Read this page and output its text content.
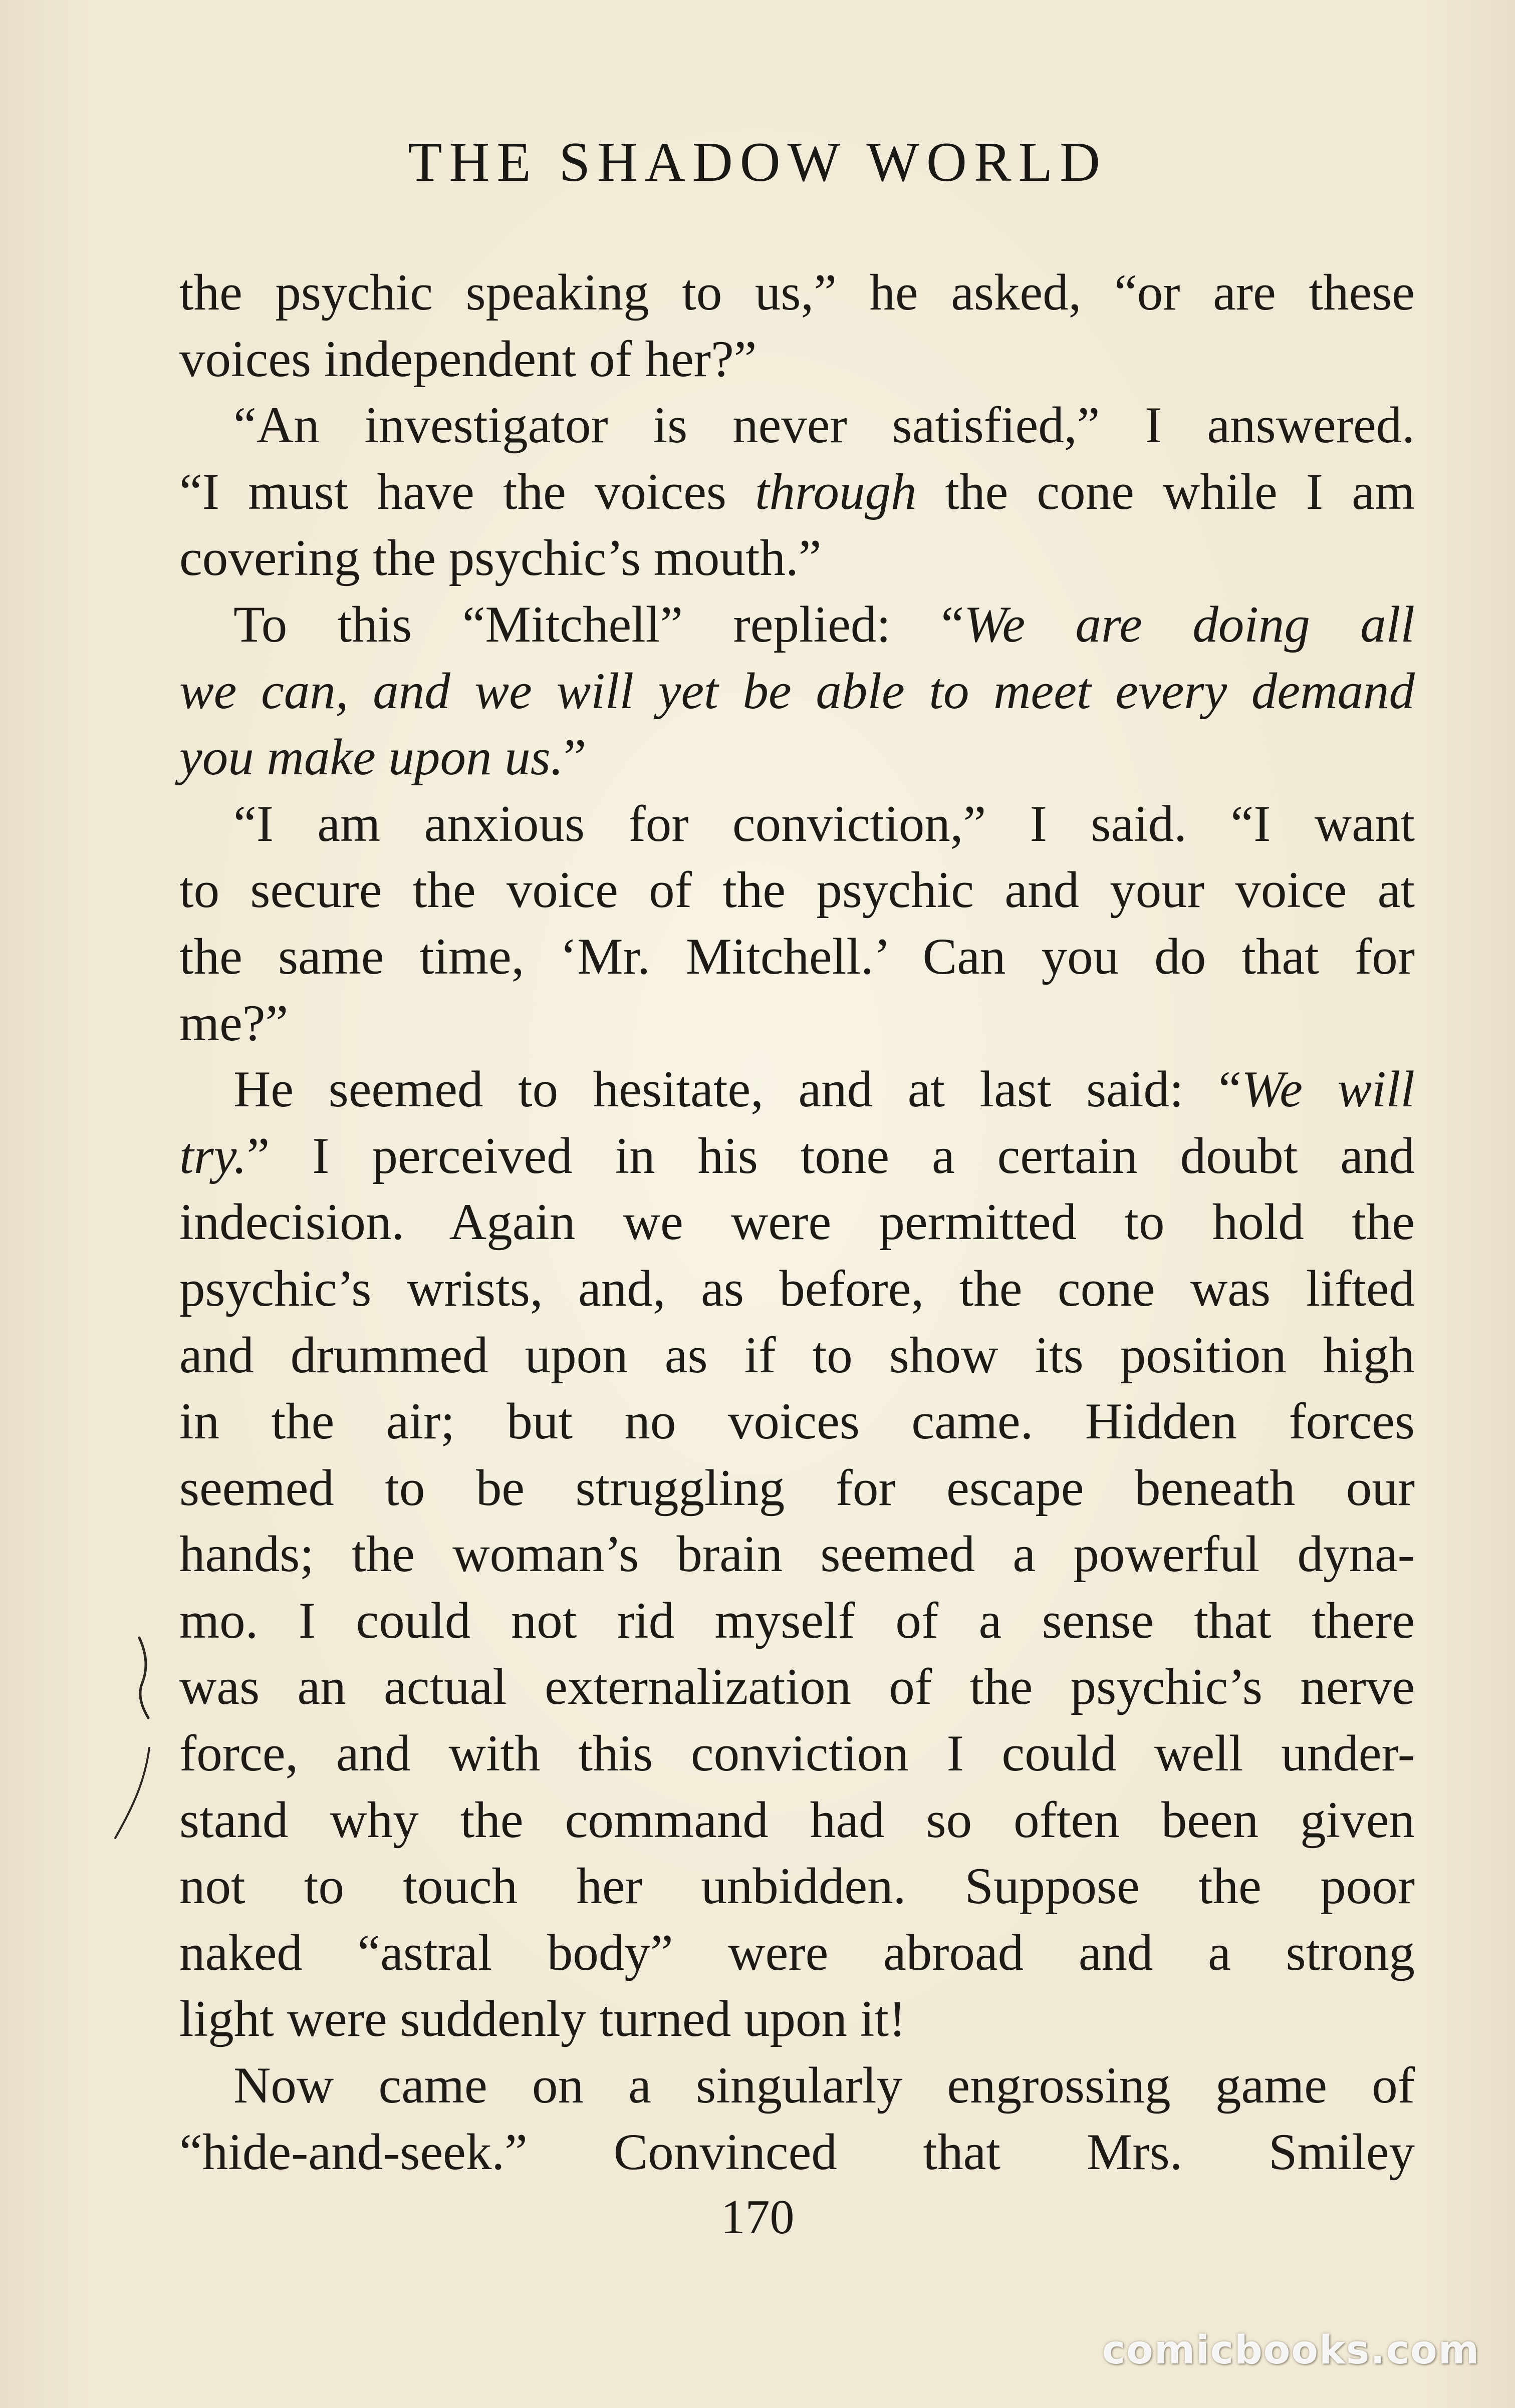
THE SHADOW WORLD
the psychic speaking to us,” he asked, “or are these
voices independent of her?”
“An investigator is never satisfied,” I answered.
“I must have the voices through the cone while I am
covering the psychic’s mouth.”
To this “Mitchell” replied: “We are doing all
we can, and we will yet be able to meet every demand
you make upon us.”
“I am anxious for conviction,” I said. “I want
to secure the voice of the psychic and your voice at
the same time, ‘Mr. Mitchell.’ Can you do that for
me?”
He seemed to hesitate, and at last said: “We will
try.” I perceived in his tone a certain doubt and
indecision. Again we were permitted to hold the
psychic’s wrists, and, as before, the cone was lifted
and drummed upon as if to show its position high
in the air; but no voices came. Hidden forces
seemed to be struggling for escape beneath our
hands; the woman’s brain seemed a powerful dyna-
mo. I could not rid myself of a sense that there
was an actual externalization of the psychic’s nerve
force, and with this conviction I could well under-
stand why the command had so often been given
not to touch her unbidden. Suppose the poor
naked “astral body” were abroad and a strong
light were suddenly turned upon it!
Now came on a singularly engrossing game of
“hide-and-seek.” Convinced that Mrs. Smiley
170
comicbooks.com
